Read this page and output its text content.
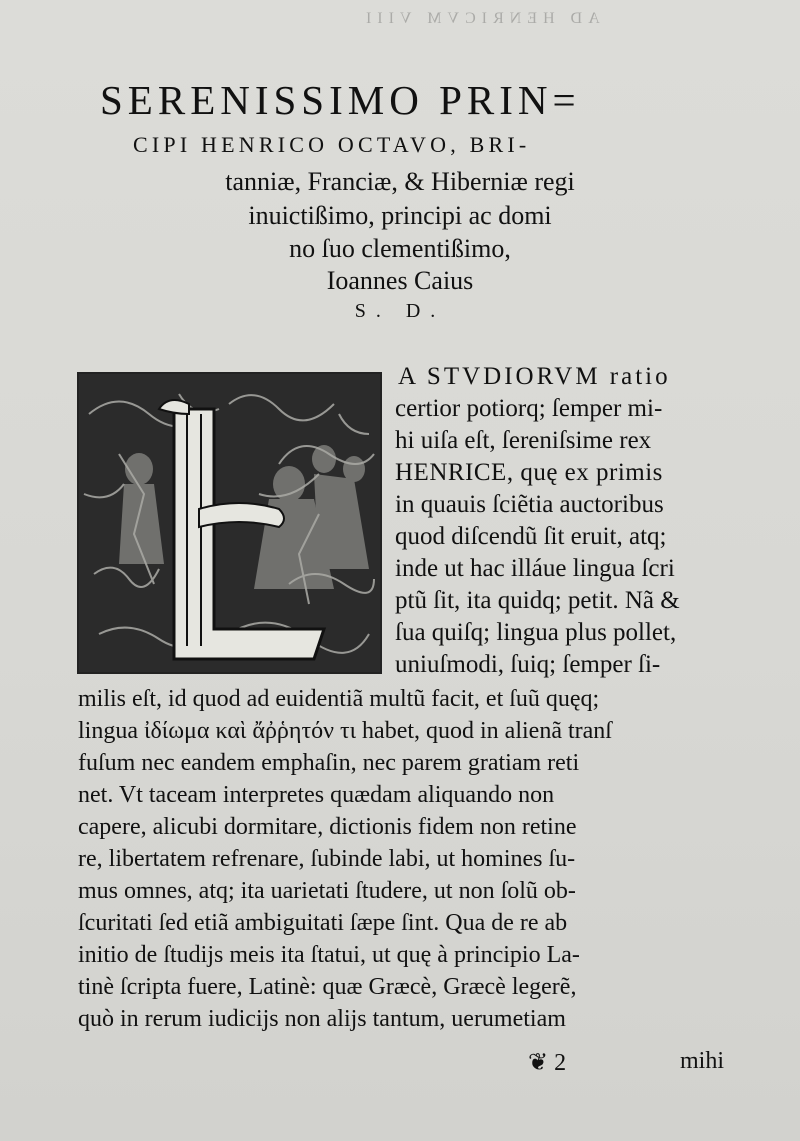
AD HENRICVM VIII
SERENISSIMO PRIN=
CIPI HENRICO OCTAVO, BRI-
tanniæ, Franciæ, & Hiberniæ regi
inuictißimo, principi ac domi
no ſuo clementißimo,
Ioannes Caius
S. D.
A STVDIORVM ratio
certior potiorq; ſemper mi-
hi uiſa eſt, ſereniſsime rex
HENRICE, quę ex primis
in quauis ſciẽtia auctoribus
quod diſcendũ ſit eruit, atq;
inde ut hac illáue lingua ſcri
ptũ ſit, ita quidq; petit. Nã &
ſua quiſq; lingua plus pollet,
uniuſmodi, ſuiq; ſemper ſi-
milis eſt, id quod ad euidentiã multũ facit, et ſuũ quęq;
lingua ἰδίωμα καὶ ἄῤῥητόν τι habet, quod in alienã tranſ
fuſum nec eandem emphaſin, nec parem gratiam reti
net. Vt taceam interpretes quædam aliquando non
capere, alicubi dormitare, dictionis fidem non retine
re, libertatem refrenare, ſubinde labi, ut homines ſu-
mus omnes, atq; ita uarietati ſtudere, ut non ſolũ ob-
ſcuritati ſed etiã ambiguitati ſæpe ſint. Qua de re ab
initio de ſtudijs meis ita ſtatui, ut quę à principio La-
tinè ſcripta fuere, Latinè: quæ Græcè, Græcè legerẽ,
quò in rerum iudicijs non alijs tantum, uerumetiam
❦ 2	mihi
